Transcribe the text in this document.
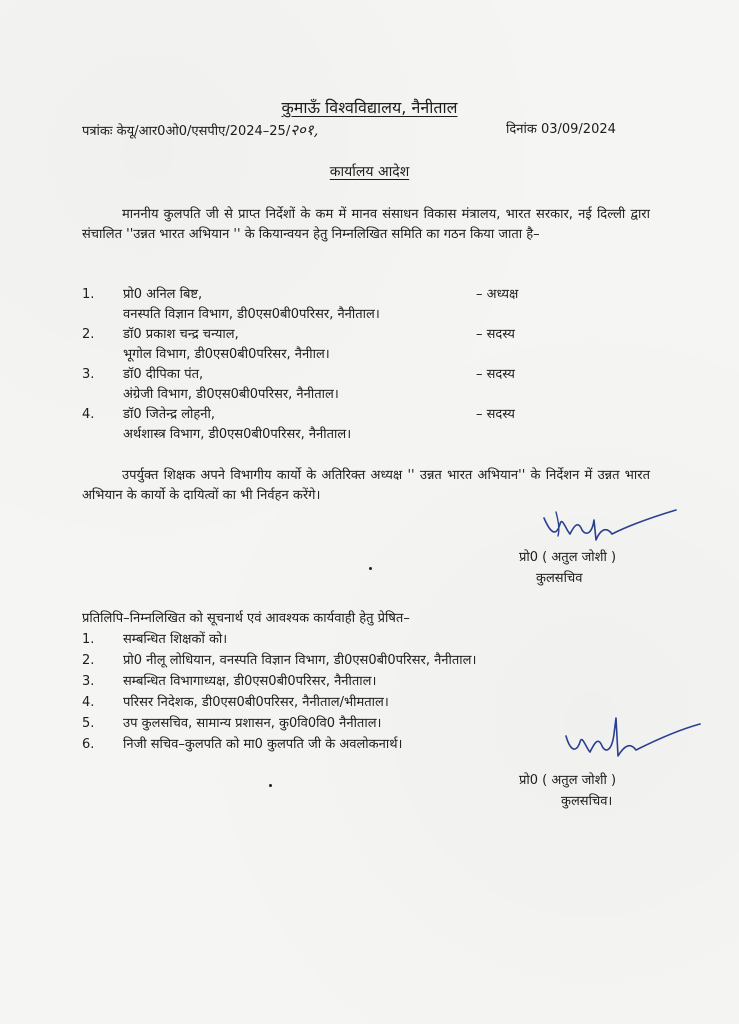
कुमाऊँ विश्वविद्यालय, नैनीताल
पत्रांकः केयू/आर0ओ0/एसपीए/2024–25/२०१,	दिनांक 03/09/2024
कार्यालय आदेश
माननीय कुलपति जी से प्राप्त निर्देशों के कम में मानव संसाधन विकास मंत्रालय, भारत सरकार, नई दिल्ली द्वारा संचालित ''उन्नत भारत अभियान '' के कियान्वयन हेतु निम्नलिखित समिति का गठन किया जाता है–
1. प्रो0 अनिल बिष्ट,	– अध्यक्ष
वनस्पति विज्ञान विभाग, डी0एस0बी0परिसर, नैनीताल।
2. डॉ0 प्रकाश चन्द्र चन्याल,	– सदस्य
भूगोल विभाग, डी0एस0बी0परिसर, नैनीाल।
3. डॉ0 दीपिका पंत,	– सदस्य
अंग्रेजी विभाग, डी0एस0बी0परिसर, नैनीताल।
4. डॉ0 जितेन्द्र लोहनी,	– सदस्य
अर्थशास्त्र विभाग, डी0एस0बी0परिसर, नैनीताल।
उपर्युक्त शिक्षक अपने विभागीय कार्यो के अतिरिक्त अध्यक्ष '' उन्नत भारत अभियान'' के निर्देशन में उन्नत भारत अभियान के कार्यो के दायित्वों का भी निर्वहन करेंगे।
प्रो0 ( अतुल जोशी )
कुलसचिव
प्रतिलिपि–निम्नलिखित को सूचनार्थ एवं आवश्यक कार्यवाही हेतु प्रेषित–
1. सम्बन्धित शिक्षकों को।
2. प्रो0 नीलू लोधियान, वनस्पति विज्ञान विभाग, डी0एस0बी0परिसर, नैनीताल।
3. सम्बन्धित विभागाध्यक्ष, डी0एस0बी0परिसर, नैनीताल।
4. परिसर निदेशक, डी0एस0बी0परिसर, नैनीताल/भीमताल।
5. उप कुलसचिव, सामान्य प्रशासन, कु0वि0वि0 नैनीताल।
6. निजी सचिव–कुलपति को मा0 कुलपति जी के अवलोकनार्थ।
प्रो0 ( अतुल जोशी )
कुलसचिव।
